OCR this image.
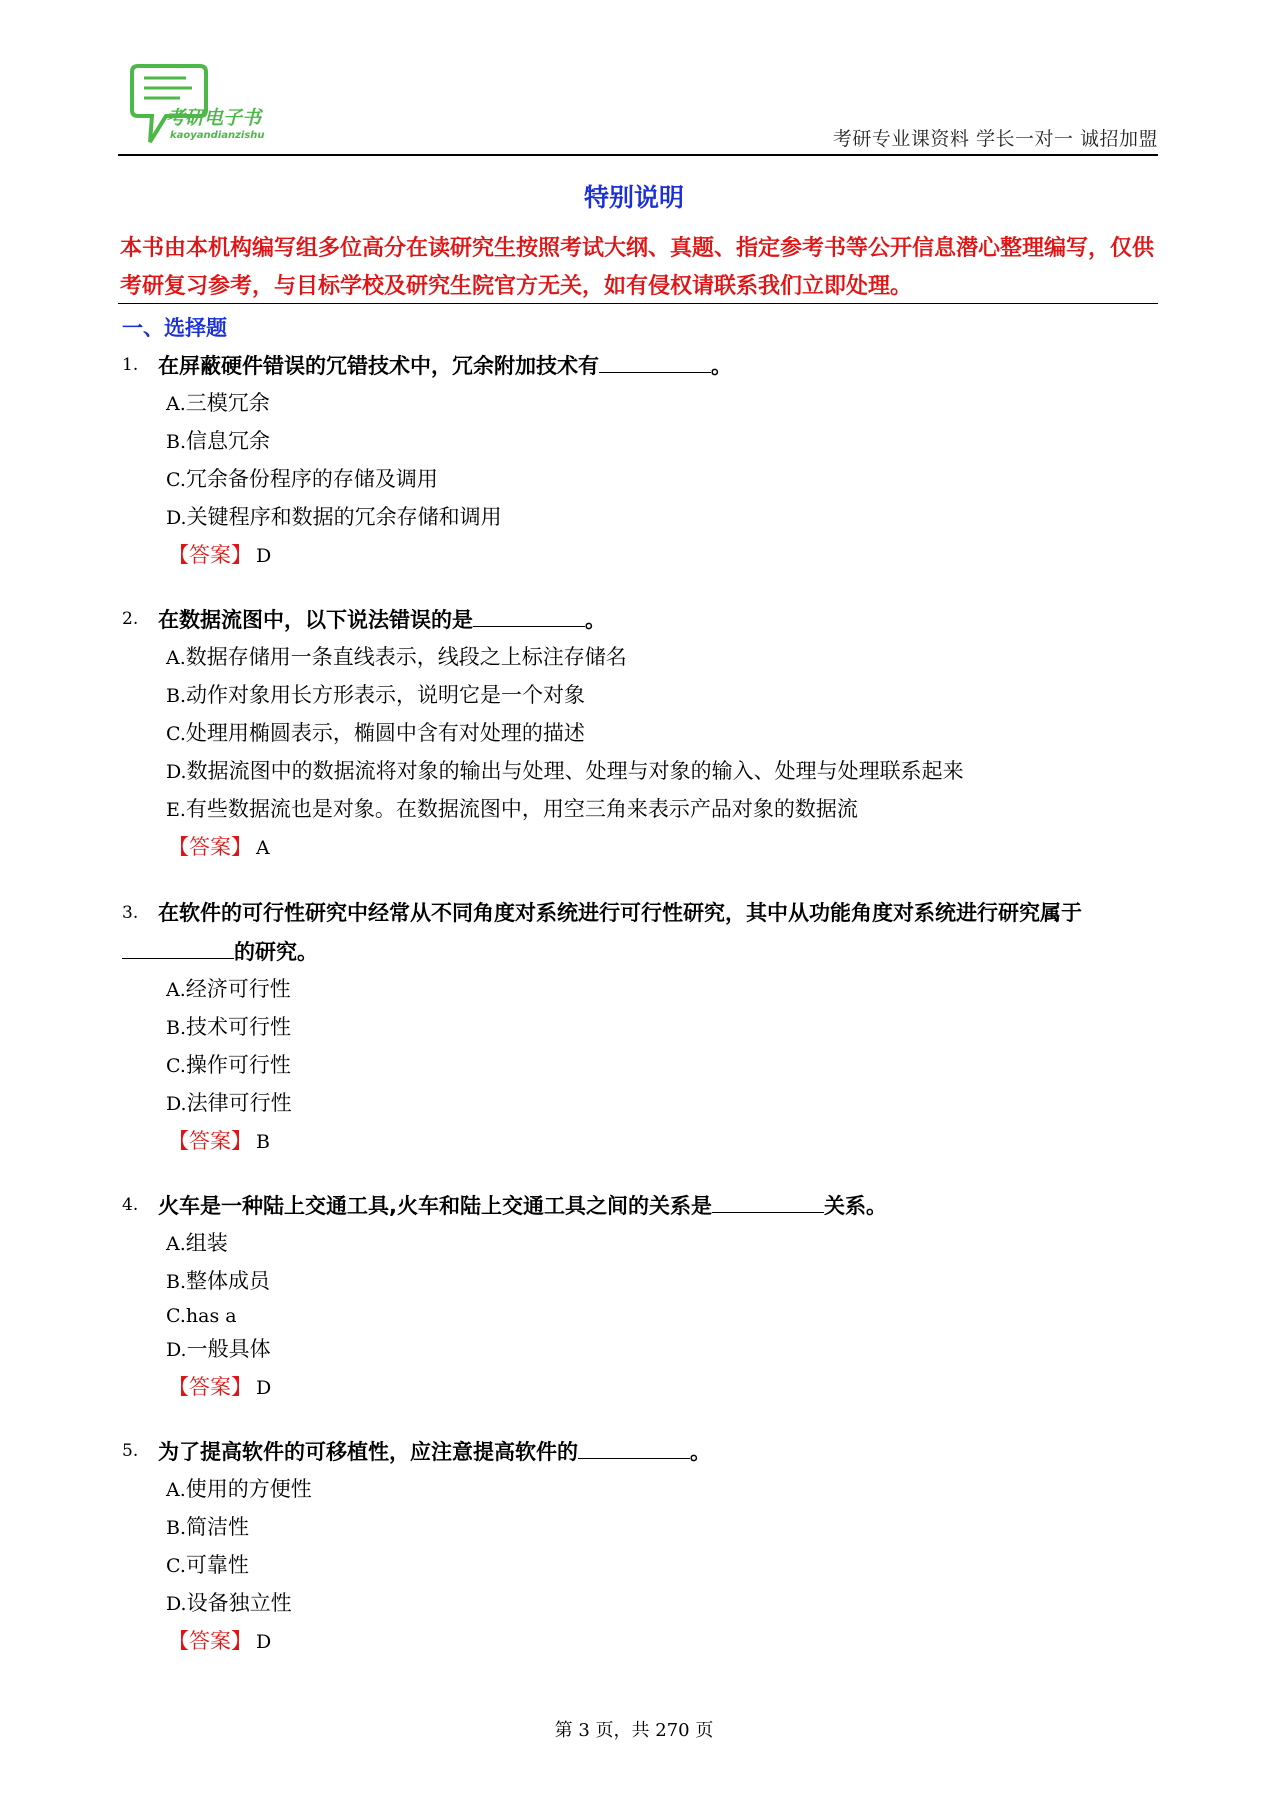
考研电子书
kaoyandianzishu	考研专业课资料 学长一对一 诚招加盟
特别说明
本书由本机构编写组多位高分在读研究生按照考试大纲、真题、指定参考书等公开信息潜心整理编写，仅供考研复习参考，与目标学校及研究生院官方无关，如有侵权请联系我们立即处理。
一、选择题
1. 在屏蔽硬件错误的冗错技术中，冗余附加技术有	。
A.三模冗余
B.信息冗余
C.冗余备份程序的存储及调用
D.关键程序和数据的冗余存储和调用
【答案】 D
2. 在数据流图中，以下说法错误的是	。
A.数据存储用一条直线表示，线段之上标注存储名
B.动作对象用长方形表示，说明它是一个对象
C.处理用椭圆表示，椭圆中含有对处理的描述
D.数据流图中的数据流将对象的输出与处理、处理与对象的输入、处理与处理联系起来
E.有些数据流也是对象。在数据流图中，用空三角来表示产品对象的数据流
【答案】 A
3. 在软件的可行性研究中经常从不同角度对系统进行可行性研究，其中从功能角度对系统进行研究属于的研究。
A.经济可行性
B.技术可行性
C.操作可行性
D.法律可行性
【答案】 B
4. 火车是一种陆上交通工具,火车和陆上交通工具之间的关系是	关系。
A.组装
B.整体成员
C.has a
D.一般具体
【答案】 D
5. 为了提高软件的可移植性，应注意提高软件的	。
A.使用的方便性
B.简洁性
C.可靠性
D.设备独立性
【答案】 D
第 3 页，共 270 页
